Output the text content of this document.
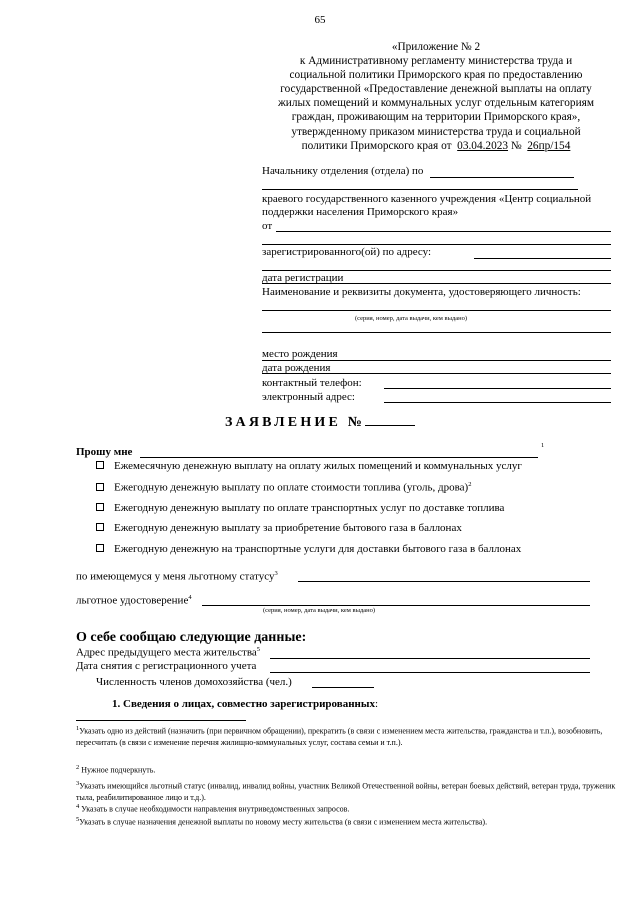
65
«Приложение № 2
к Административному регламенту министерства труда и
социальной политики Приморского края по предоставлению
государственной «Предоставление денежной выплаты на оплату
жилых помещений и коммунальных услуг отдельным категориям
граждан, проживающим на территории Приморского края»,
утвержденному приказом министерства труда и социальной
политики Приморского края от 03.04.2023 № 26пр/154
Начальнику отделения (отдела) по
краевого государственного казенного учреждения «Центр социальной
поддержки населения Приморского края»
от
зарегистрированного(ой) по адресу:
дата регистрации
Наименование и реквизиты документа, удостоверяющего личность:
(серия, номер, дата выдачи, кем выдано)
место рождения
дата рождения
контактный телефон:
электронный адрес:
ЗАЯВЛЕНИЕ №
Прошу мне
1
Ежемесячную денежную выплату на оплату жилых помещений и коммунальных услуг
Ежегодную денежную выплату по оплате стоимости топлива (уголь, дрова)$^2$
Ежегодную денежную выплату по оплате транспортных услуг по доставке топлива
Ежегодную денежную выплату за приобретение бытового газа в баллонах
Ежегодную денежную на транспортные услуги для доставки бытового газа в баллонах
по имеющемуся у меня льготному статусу$^3$
льготное удостоверение$^4$
(серия, номер, дата выдачи, кем выдано)
О себе сообщаю следующие данные:
Адрес предыдущего места жительства$^5$
Дата снятия с регистрационного учета
Численность членов домохозяйства (чел.)
1. Сведения о лицах, совместно зарегистрированных:
$^1$Указать одно из действий (назначить (при первичном обращении), прекратить (в связи с изменением места жительства, гражданства и т.п.), возобновить, пересчитать (в связи с изменение перечня жилищно-коммунальных услуг, состава семьи и т.п.).
$^2$ Нужное подчеркнуть.
$^3$Указать имеющийся льготный статус (инвалид, инвалид войны, участник Великой Отечественной войны, ветеран боевых действий, ветеран труда, труженик тыла, реабилитированное лицо и т.д.).
$^4$ Указать в случае необходимости направления внутриведомственных запросов.
$^5$Указать в случае назначения денежной выплаты по новому месту жительства (в связи с изменением места жительства).
